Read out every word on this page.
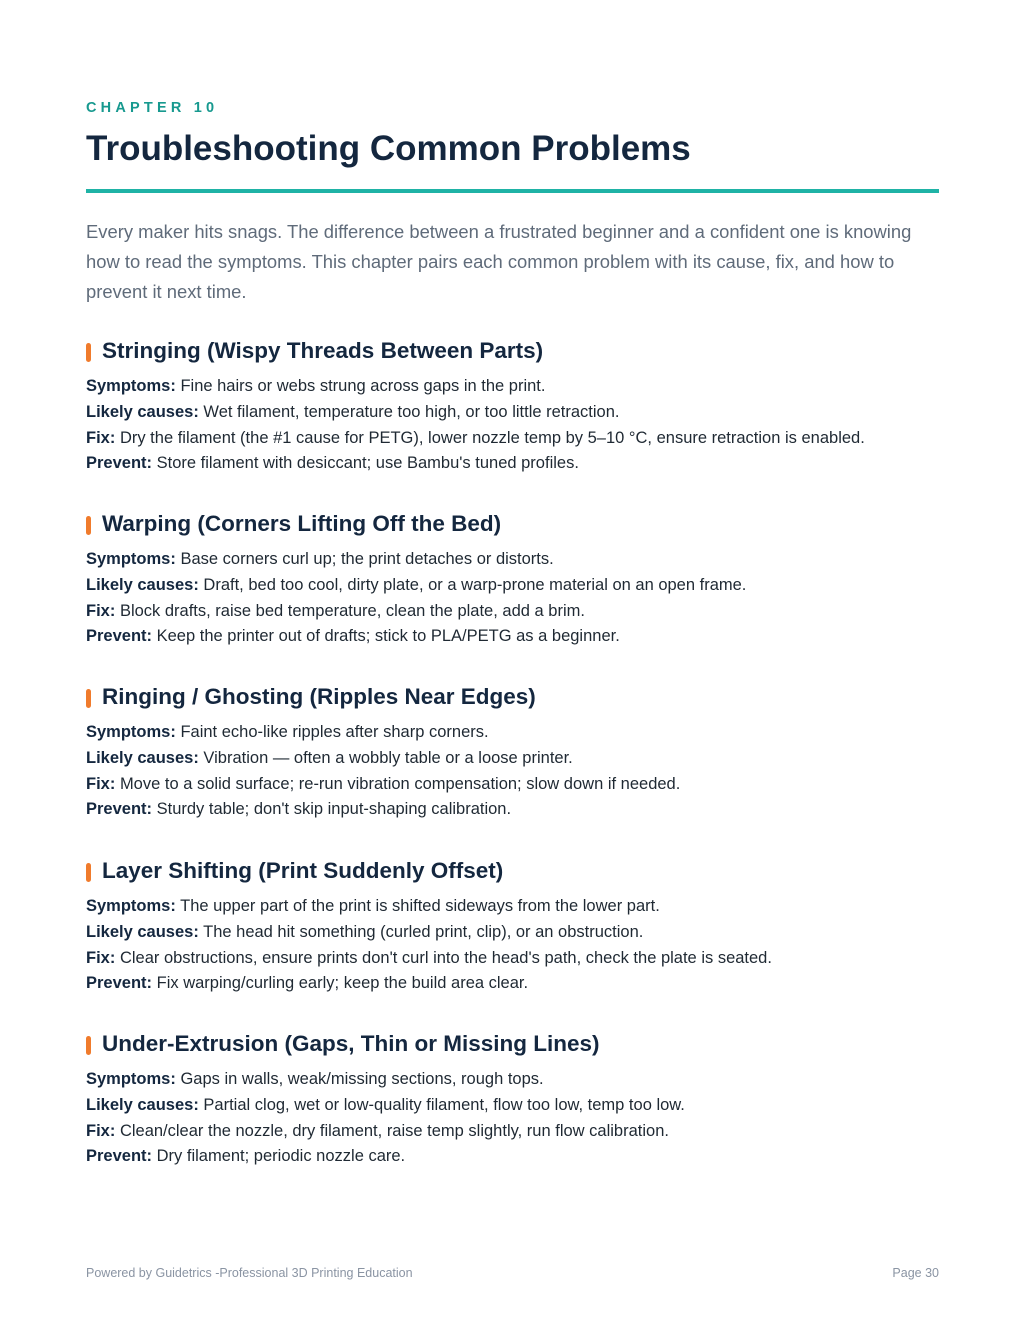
CHAPTER 10
Troubleshooting Common Problems

Every maker hits snags. The difference between a frustrated beginner and a confident one is knowing how to read the symptoms. This chapter pairs each common problem with its cause, fix, and how to prevent it next time.

Stringing (Wispy Threads Between Parts)
Symptoms: Fine hairs or webs strung across gaps in the print.
Likely causes: Wet filament, temperature too high, or too little retraction.
Fix: Dry the filament (the #1 cause for PETG), lower nozzle temp by 5–10 °C, ensure retraction is enabled.
Prevent: Store filament with desiccant; use Bambu's tuned profiles.
Warping (Corners Lifting Off the Bed)
Symptoms: Base corners curl up; the print detaches or distorts.
Likely causes: Draft, bed too cool, dirty plate, or a warp-prone material on an open frame.
Fix: Block drafts, raise bed temperature, clean the plate, add a brim.
Prevent: Keep the printer out of drafts; stick to PLA/PETG as a beginner.
Ringing / Ghosting (Ripples Near Edges)
Symptoms: Faint echo-like ripples after sharp corners.
Likely causes: Vibration — often a wobbly table or a loose printer.
Fix: Move to a solid surface; re-run vibration compensation; slow down if needed.
Prevent: Sturdy table; don't skip input-shaping calibration.
Layer Shifting (Print Suddenly Offset)
Symptoms: The upper part of the print is shifted sideways from the lower part.
Likely causes: The head hit something (curled print, clip), or an obstruction.
Fix: Clear obstructions, ensure prints don't curl into the head's path, check the plate is seated.
Prevent: Fix warping/curling early; keep the build area clear.
Under-Extrusion (Gaps, Thin or Missing Lines)
Symptoms: Gaps in walls, weak/missing sections, rough tops.
Likely causes: Partial clog, wet or low-quality filament, flow too low, temp too low.
Fix: Clean/clear the nozzle, dry filament, raise temp slightly, run flow calibration.
Prevent: Dry filament; periodic nozzle care.
Powered by Guidetrics -Professional 3D Printing Education	Page 30
